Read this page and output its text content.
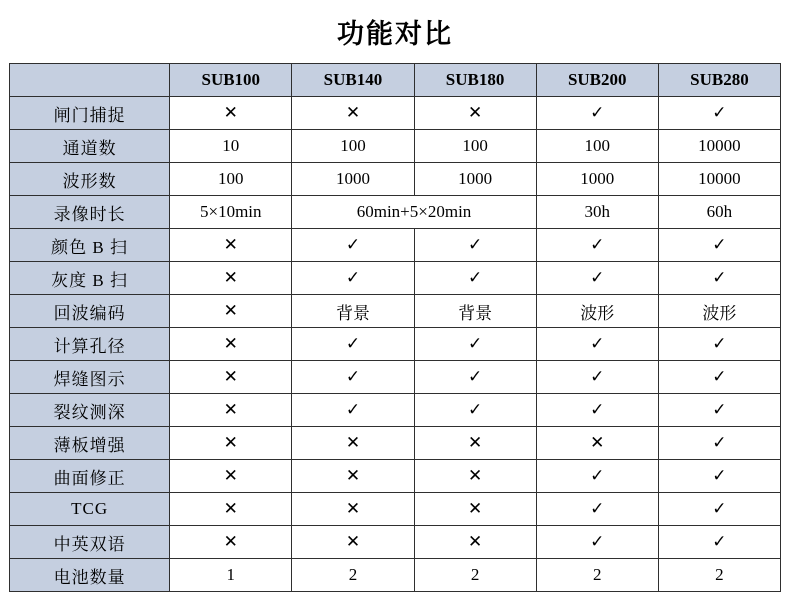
功能对比
	SUB100	SUB140	SUB180	SUB200	SUB280
闸门捕捉	✕	✕	✕	✓	✓
通道数	10	100	100	100	10000
波形数	100	1000	1000	1000	10000
录像时长	5×10min	60min+5×20min		30h	60h
颜色 B 扫	✕	✓	✓	✓	✓
灰度 B 扫	✕	✓	✓	✓	✓
回波编码	✕	背景	背景	波形	波形
计算孔径	✕	✓	✓	✓	✓
焊缝图示	✕	✓	✓	✓	✓
裂纹测深	✕	✓	✓	✓	✓
薄板增强	✕	✕	✕	✕	✓
曲面修正	✕	✕	✕	✓	✓
TCG	✕	✕	✕	✓	✓
中英双语	✕	✕	✕	✓	✓
电池数量	1	2	2	2	2
